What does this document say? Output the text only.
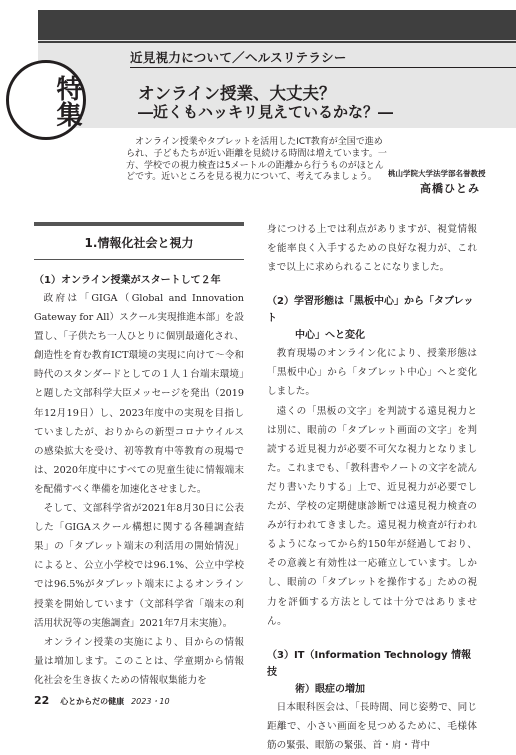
近見視力について／ヘルスリテラシー
特集	オンライン授業、大丈夫？
―近くもハッキリ見えているかな？―
　オンライン授業やタブレットを活用したICT教育が全国で進められ、子どもたちが近い距離を見続ける時間は増えています。一方、学校での視力検査は5メートルの距離から行うものがほとんどです。近いところを見る視力について、考えてみましょう。	桃山学院大学法学部名誉教授
高橋ひとみ
1.情報化社会と視力
（1）オンライン授業がスタートして２年

政府は「GIGA（Global and Innovation Gateway for All）スクール実現推進本部」を設置し、「子供たち一人ひとりに個別最適化され、創造性を育む教育ICT環境の実現に向けて〜令和時代のスタンダードとしての１人１台端末環境」と題した文部科学大臣メッセージを発出（2019年12月19日）し、2023年度中の実現を目指していましたが、おりからの新型コロナウイルスの感染拡大を受け、初等教育中等教育の現場では、2020年度中にすべての児童生徒に情報端末を配備すべく準備を加速化させました。

そして、文部科学省が2021年8月30日に公表した「GIGAスクール構想に関する各種調査結果」の「タブレット端末の利活用の開始情況」によると、公立小学校では96.1%、公立中学校では96.5%がタブレット端末によるオンライン授業を開始しています（文部科学省「端末の利活用状況等の実態調査」2021年7月末実施）。

オンライン授業の実施により、目からの情報量は増加します。このことは、学童期から情報化社会を生き抜くための情報収集能力を

身につける上では利点がありますが、視覚情報を能率良く入手するための良好な視力が、これまで以上に求められることになりました。

（2）学習形態は「黒板中心」から「タブレット
中心」へと変化

教育現場のオンライン化により、授業形態は「黒板中心」から「タブレット中心」へと変化しました。

遠くの「黒板の文字」を判読する遠見視力とは別に、眼前の「タブレット画面の文字」を判読する近見視力が必要不可欠な視力となりました。これまでも、「教科書やノートの文字を読んだり書いたりする」上で、近見視力が必要でしたが、学校の定期健康診断では遠見視力検査のみが行われてきました。遠見視力検査が行われるようになってから約150年が経過しており、その意義と有効性は一応確立しています。しかし、眼前の「タブレットを操作する」ための視力を評価する方法としては十分ではありません。

（3）IT（Information Technology 情報技
術）眼症の増加

日本眼科医会は、「長時間、同じ姿勢で、同じ距離で、小さい画面を見つめるために、毛様体筋の緊張、眼筋の緊張、首・肩・背中

22 心とからだの健康 2023・10
